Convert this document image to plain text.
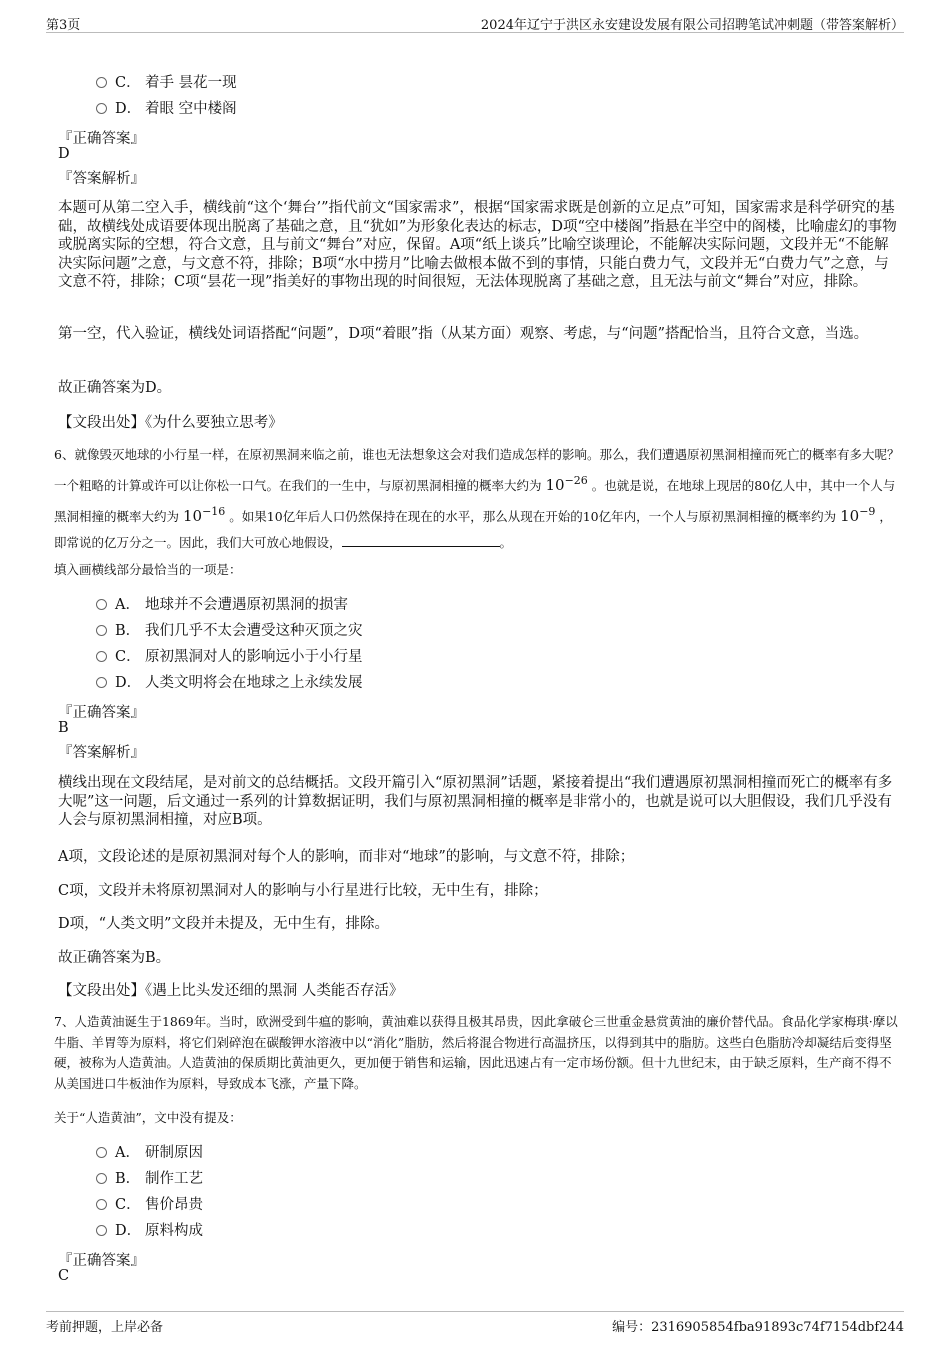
第3页	2024年辽宁于洪区永安建设发展有限公司招聘笔试冲刺题（带答案解析）
C． 着手 昙花一现
D． 着眼 空中楼阁
『正确答案』
D
『答案解析』
本题可从第二空入手，横线前“这个‘舞台’”指代前文“国家需求”，根据“国家需求既是创新的立足点”可知，国家需求是科学研究的基础，故横线处成语要体现出脱离了基础之意，且“犹如”为形象化表达的标志，D项“空中楼阁”指悬在半空中的阁楼，比喻虚幻的事物或脱离实际的空想，符合文意，且与前文“舞台”对应，保留。A项“纸上谈兵”比喻空谈理论，不能解决实际问题，文段并无“不能解决实际问题”之意，与文意不符，排除；B项“水中捞月”比喻去做根本做不到的事情，只能白费力气，文段并无“白费力气”之意，与文意不符，排除；C项“昙花一现”指美好的事物出现的时间很短，无法体现脱离了基础之意，且无法与前文“舞台”对应，排除。
第一空，代入验证，横线处词语搭配“问题”，D项“着眼”指（从某方面）观察、考虑，与“问题”搭配恰当，且符合文意，当选。
故正确答案为D。
【文段出处】《为什么要独立思考》
6、就像毁灭地球的小行星一样，在原初黑洞来临之前，谁也无法想象这会对我们造成怎样的影响。那么，我们遭遇原初黑洞相撞而死亡的概率有多大呢？一个粗略的计算或许可以让你松一口气。在我们的一生中，与原初黑洞相撞的概率大约为 $10^{-26}$ 。也就是说，在地球上现居的80亿人中，其中一个人与黑洞相撞的概率大约为 $10^{-16}$ 。如果10亿年后人口仍然保持在现在的水平，那么从现在开始的10亿年内，一个人与原初黑洞相撞的概率约为 $10^{-9}$ ，即常说的亿万分之一。因此，我们大可放心地假设，	。
填入画横线部分最恰当的一项是：
A． 地球并不会遭遇原初黑洞的损害
B． 我们几乎不太会遭受这种灭顶之灾
C． 原初黑洞对人的影响远小于小行星
D． 人类文明将会在地球之上永续发展
『正确答案』
B
『答案解析』
横线出现在文段结尾，是对前文的总结概括。文段开篇引入“原初黑洞”话题，紧接着提出“我们遭遇原初黑洞相撞而死亡的概率有多大呢”这一问题，后文通过一系列的计算数据证明，我们与原初黑洞相撞的概率是非常小的，也就是说可以大胆假设，我们几乎没有人会与原初黑洞相撞，对应B项。
A项，文段论述的是原初黑洞对每个人的影响，而非对“地球”的影响，与文意不符，排除；
C项，文段并未将原初黑洞对人的影响与小行星进行比较，无中生有，排除；
D项，“人类文明”文段并未提及，无中生有，排除。
故正确答案为B。
【文段出处】《遇上比头发还细的黑洞 人类能否存活》
7、人造黄油诞生于1869年。当时，欧洲受到牛瘟的影响，黄油难以获得且极其昂贵，因此拿破仑三世重金悬赏黄油的廉价替代品。食品化学家梅琪·摩以牛脂、羊胃等为原料，将它们剁碎泡在碳酸钾水溶液中以“消化”脂肪，然后将混合物进行高温挤压，以得到其中的脂肪。这些白色脂肪冷却凝结后变得坚硬，被称为人造黄油。人造黄油的保质期比黄油更久，更加便于销售和运输，因此迅速占有一定市场份额。但十九世纪末，由于缺乏原料，生产商不得不从美国进口牛板油作为原料，导致成本飞涨，产量下降。
关于“人造黄油”，文中没有提及：
A． 研制原因
B． 制作工艺
C． 售价昂贵
D． 原料构成
『正确答案』
C
考前押题，上岸必备	编号：2316905854fba91893c74f7154dbf244
